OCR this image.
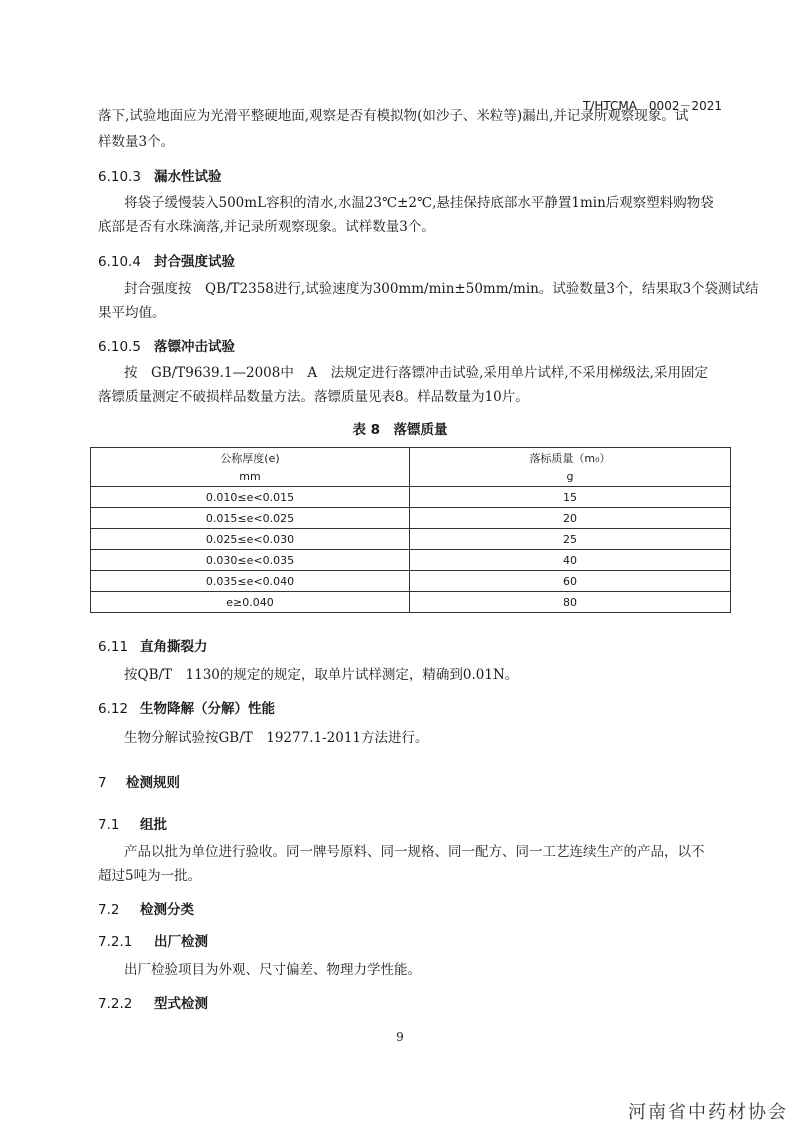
T/HTCMA　0002－2021
落下,试验地面应为光滑平整硬地面,观察是否有模拟物(如沙子、米粒等)漏出,并记录所观察现象。试
样数量3个。
6.10.3 漏水性试验
将袋子缓慢装入500mL容积的清水,水温23℃±2℃,悬挂保持底部水平静置1min后观察塑料购物袋
底部是否有水珠滴落,并记录所观察现象。试样数量3个。
6.10.4 封合强度试验
封合强度按　QB/T2358进行,试验速度为300mm/min±50mm/min。试验数量3个，结果取3个袋测试结
果平均值。
6.10.5 落镖冲击试验
按　GB/T9639.1—2008中　A　法规定进行落镖冲击试验,采用单片试样,不采用梯级法,采用固定
落镖质量测定不破损样品数量方法。落镖质量见表8。样品数量为10片。
表 8　落镖质量
公称厚度(e)	落标质量（m₀）
mm	g
0.010≤e<0.015	15
0.015≤e<0.025	20
0.025≤e<0.030	25
0.030≤e<0.035	40
0.035≤e<0.040	60
e≥0.040	80
6.11 直角撕裂力
按QB/T　1130的规定的规定，取单片试样测定，精确到0.01N。
6.12 生物降解（分解）性能
生物分解试验按GB/T　19277.1-2011方法进行。
7 检测规则
7.1 组批
产品以批为单位进行验收。同一牌号原料、同一规格、同一配方、同一工艺连续生产的产品，以不
超过5吨为一批。
7.2 检测分类
7.2.1 出厂检测
出厂检验项目为外观、尺寸偏差、物理力学性能。
7.2.2 型式检测
9
河南省中药材协会
